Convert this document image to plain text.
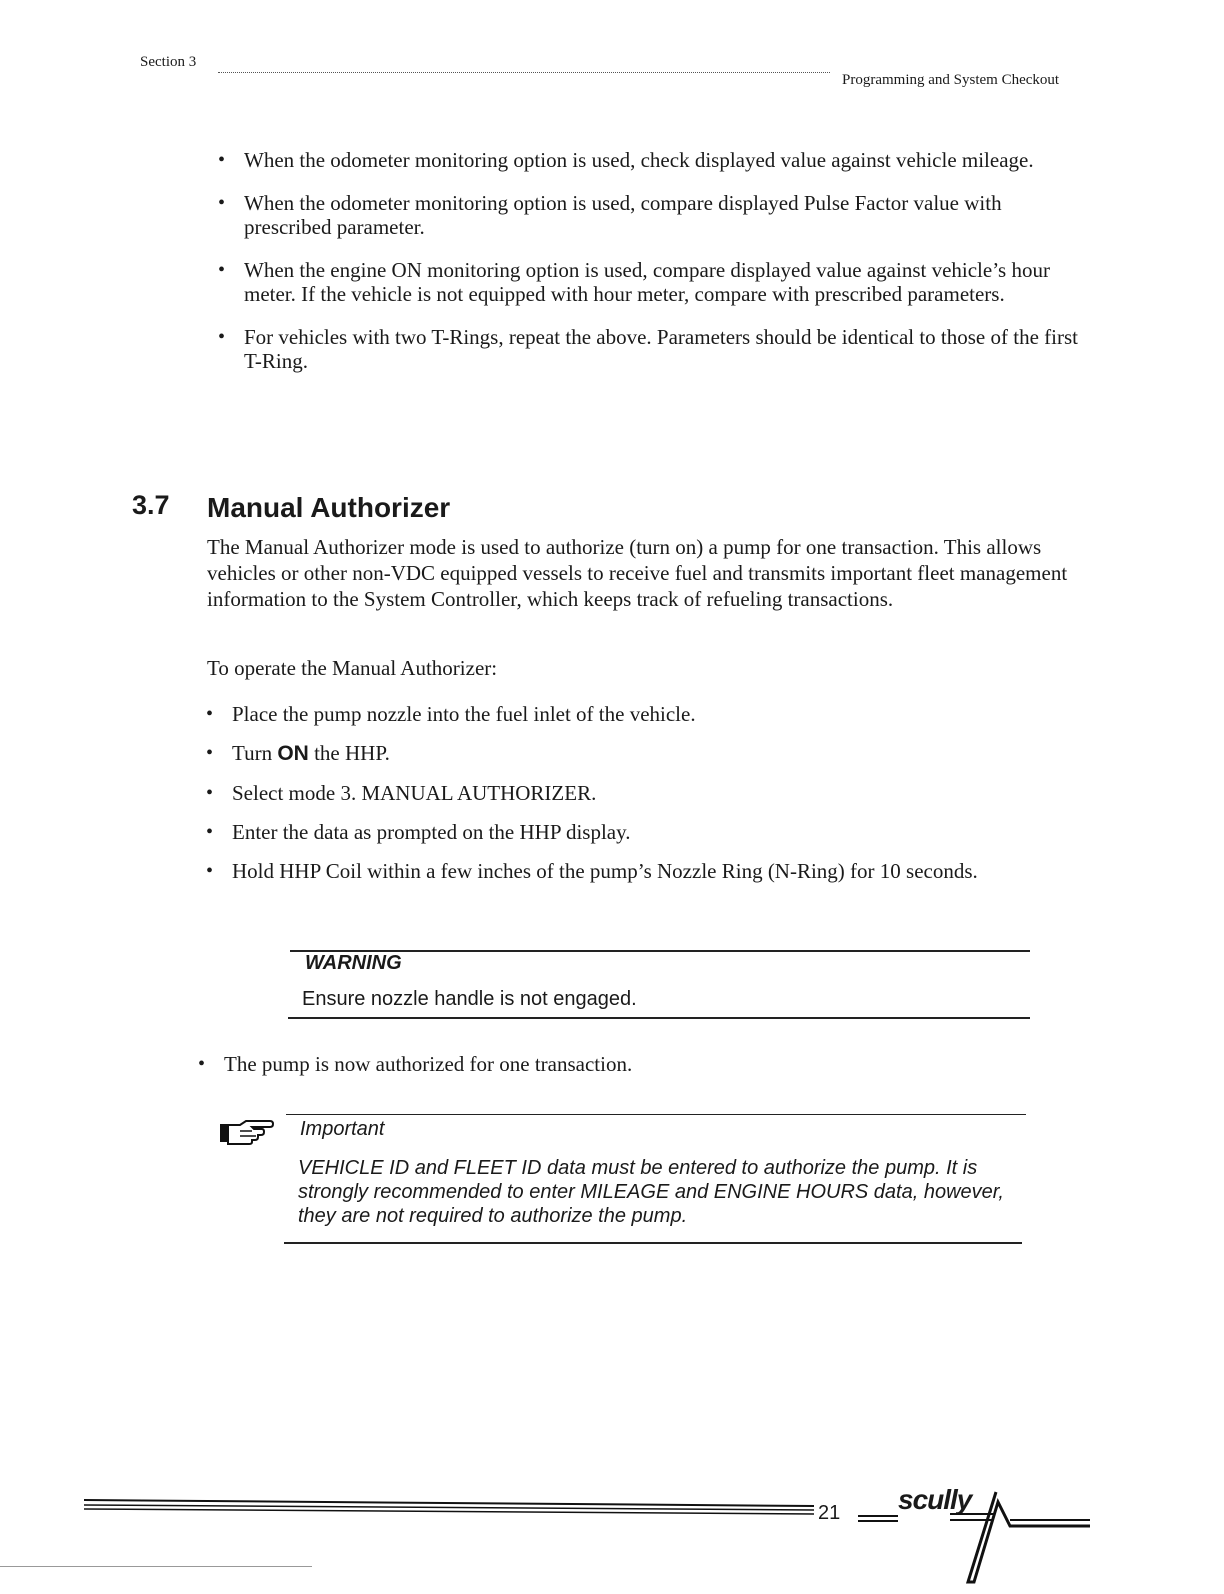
Section 3
Programming and System Checkout
• When the odometer monitoring option is used, check displayed value against vehicle mileage.
• When the odometer monitoring option is used, compare displayed Pulse Factor value with prescribed parameter.
• When the engine ON monitoring option is used, compare displayed value against vehicle’s hour meter. If the vehicle is not equipped with hour meter, compare with prescribed parameters.
• For vehicles with two T-Rings, repeat the above. Parameters should be identical to those of the first T-Ring.
3.7 Manual Authorizer

The Manual Authorizer mode is used to authorize (turn on) a pump for one transaction. This allows vehicles or other non-VDC equipped vessels to receive fuel and transmits important fleet management information to the System Controller, which keeps track of refueling transactions.

To operate the Manual Authorizer:

• Place the pump nozzle into the fuel inlet of the vehicle.
• Turn ON the HHP.
• Select mode 3. MANUAL AUTHORIZER.
• Enter the data as prompted on the HHP display.
• Hold HHP Coil within a few inches of the pump’s Nozzle Ring (N-Ring) for 10 seconds.
WARNING
Ensure nozzle handle is not engaged.
• The pump is now authorized for one transaction.
Important

VEHICLE ID and FLEET ID data must be entered to authorize the pump. It is strongly recommended to enter MILEAGE and ENGINE HOURS data, however, they are not required to authorize the pump.

21 scully
